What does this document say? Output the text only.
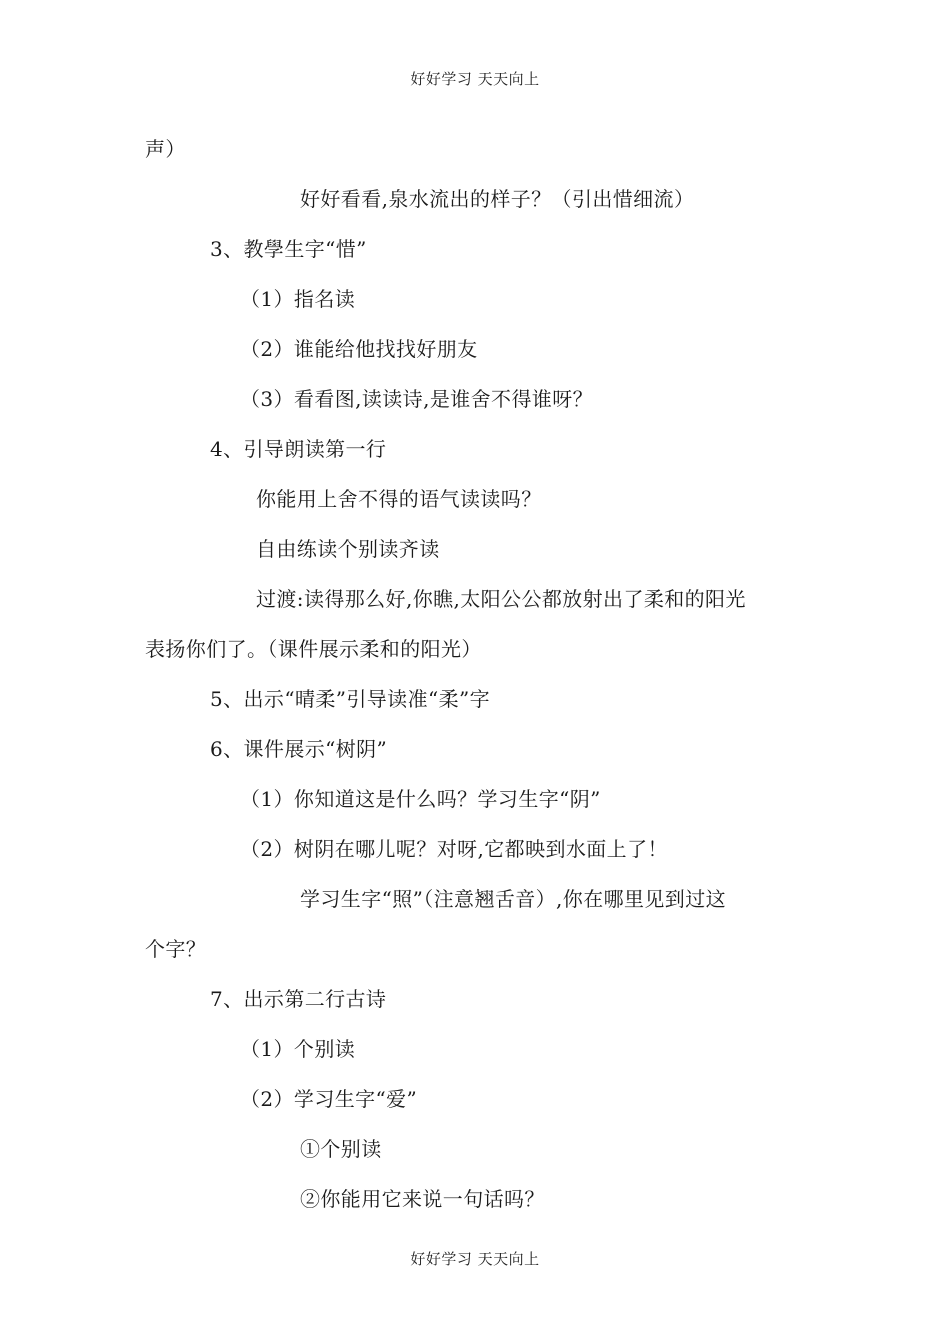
好好学习 天天向上
声）
好好看看,泉水流出的样子？（引出惜细流）
3、教學生字“惜”
（1）指名读
（2）谁能给他找找好朋友
（3）看看图,读读诗,是谁舍不得谁呀？
4、引导朗读第一行
你能用上舍不得的语气读读吗？
自由练读个别读齐读
过渡:读得那么好,你瞧,太阳公公都放射出了柔和的阳光
表扬你们了。（课件展示柔和的阳光）
5、出示“晴柔”引导读准“柔”字
6、课件展示“树阴”
（1）你知道这是什么吗？学习生字“阴”
（2）树阴在哪儿呢？对呀,它都映到水面上了！
学习生字“照”（注意翘舌音）,你在哪里见到过这
个字？
7、出示第二行古诗
（1）个别读
（2）学习生字“爱”
①个别读
②你能用它来说一句话吗？
好好学习 天天向上
